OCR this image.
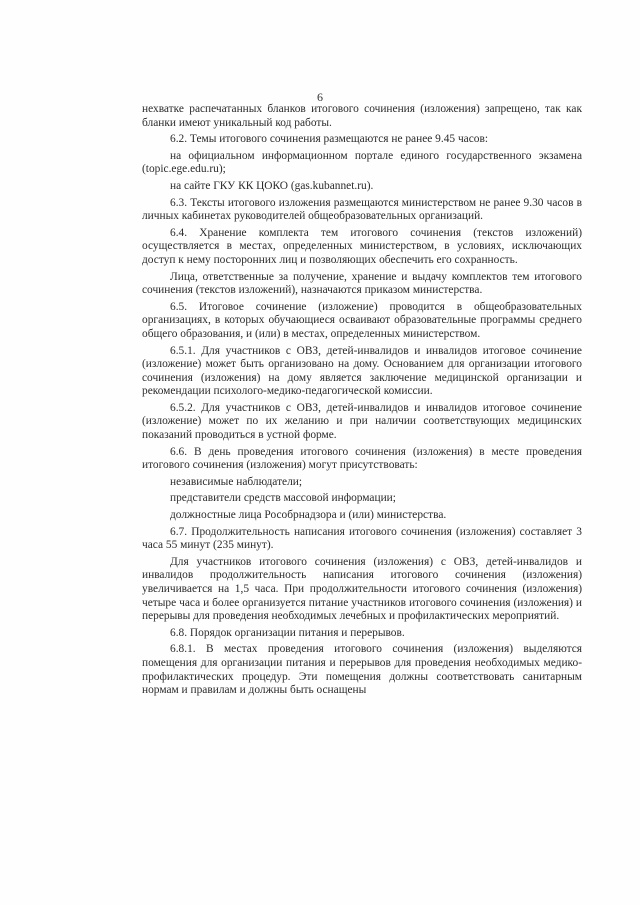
6

нехватке распечатанных бланков итогового сочинения (изложения) запрещено, так как бланки имеют уникальный код работы.

6.2. Темы итогового сочинения размещаются не ранее 9.45 часов:

на официальном информационном портале единого государственного экзамена (topic.ege.edu.ru);

на сайте ГКУ КК ЦОКО (gas.kubannet.ru).

6.3. Тексты итогового изложения размещаются министерством не ранее 9.30 часов в личных кабинетах руководителей общеобразовательных организаций.

6.4. Хранение комплекта тем итогового сочинения (текстов изложений) осуществляется в местах, определенных министерством, в условиях, исключающих доступ к нему посторонних лиц и позволяющих обеспечить его сохранность.

Лица, ответственные за получение, хранение и выдачу комплектов тем итогового сочинения (текстов изложений), назначаются приказом министерства.

6.5. Итоговое сочинение (изложение) проводится в общеобразовательных организациях, в которых обучающиеся осваивают образовательные программы среднего общего образования, и (или) в местах, определенных министерством.

6.5.1. Для участников с ОВЗ, детей-инвалидов и инвалидов итоговое сочинение (изложение) может быть организовано на дому. Основанием для организации итогового сочинения (изложения) на дому является заключение медицинской организации и рекомендации психолого-медико-педагогической комиссии.

6.5.2. Для участников с ОВЗ, детей-инвалидов и инвалидов итоговое сочинение (изложение) может по их желанию и при наличии соответствующих медицинских показаний проводиться в устной форме.

6.6. В день проведения итогового сочинения (изложения) в месте проведения итогового сочинения (изложения) могут присутствовать:

независимые наблюдатели;

представители средств массовой информации;

должностные лица Рособрнадзора и (или) министерства.

6.7. Продолжительность написания итогового сочинения (изложения) составляет 3 часа 55 минут (235 минут).

Для участников итогового сочинения (изложения) с ОВЗ, детей-инвалидов и инвалидов продолжительность написания итогового сочинения (изложения) увеличивается на 1,5 часа. При продолжительности итогового сочинения (изложения) четыре часа и более организуется питание участников итогового сочинения (изложения) и перерывы для проведения необходимых лечебных и профилактических мероприятий.

6.8. Порядок организации питания и перерывов.

6.8.1. В местах проведения итогового сочинения (изложения) выделяются помещения для организации питания и перерывов для проведения необходимых медико-профилактических процедур. Эти помещения должны соответствовать санитарным нормам и правилам и должны быть оснащены
